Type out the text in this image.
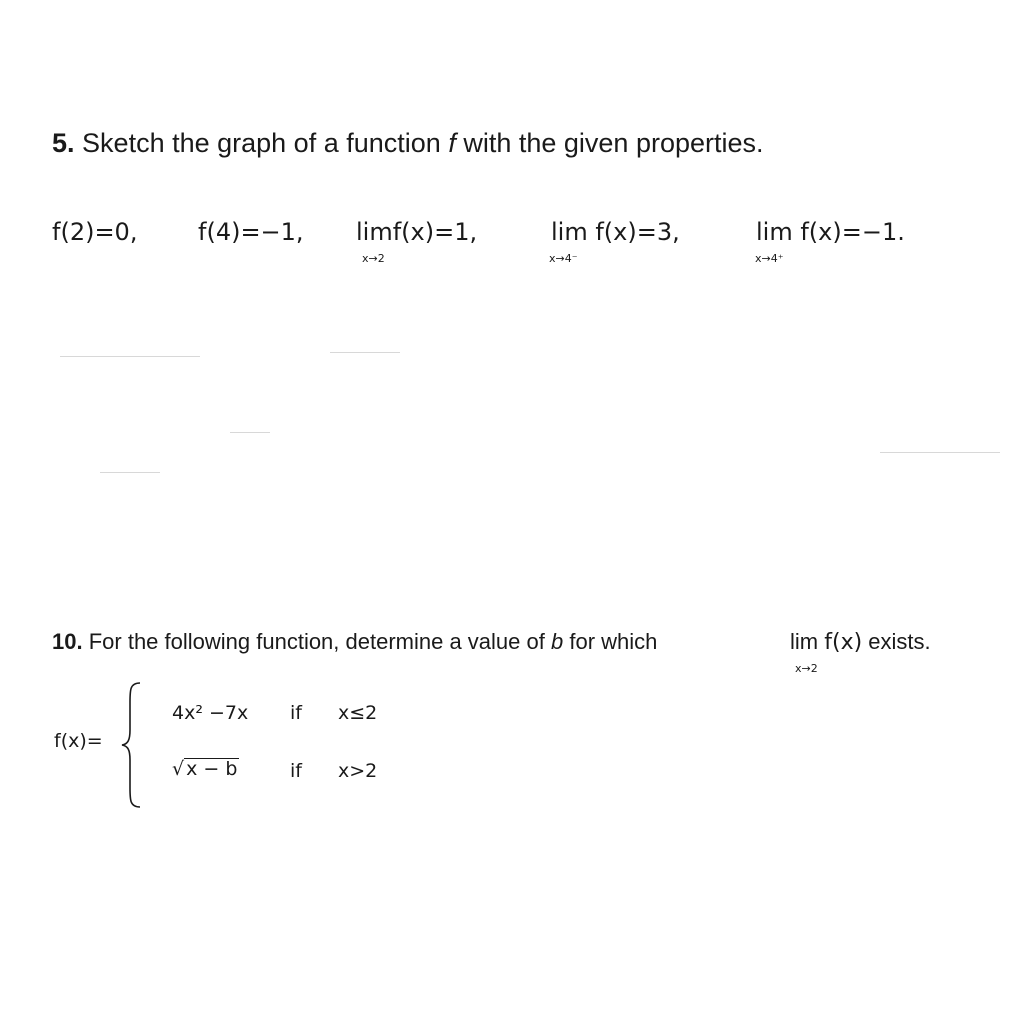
5. Sketch the graph of a function f with the given properties.
f(2)=0,	f(4)=−1, limf(x)=1,
x→2
lim f(x)=3,
x→4⁻
lim f(x)=−1.
x→4⁺
10. For the following function, determine a value of b for which	lim f(x) exists.
x→2
f(x)=
4x² −7x if x≤2
√ x − b	if x>2
